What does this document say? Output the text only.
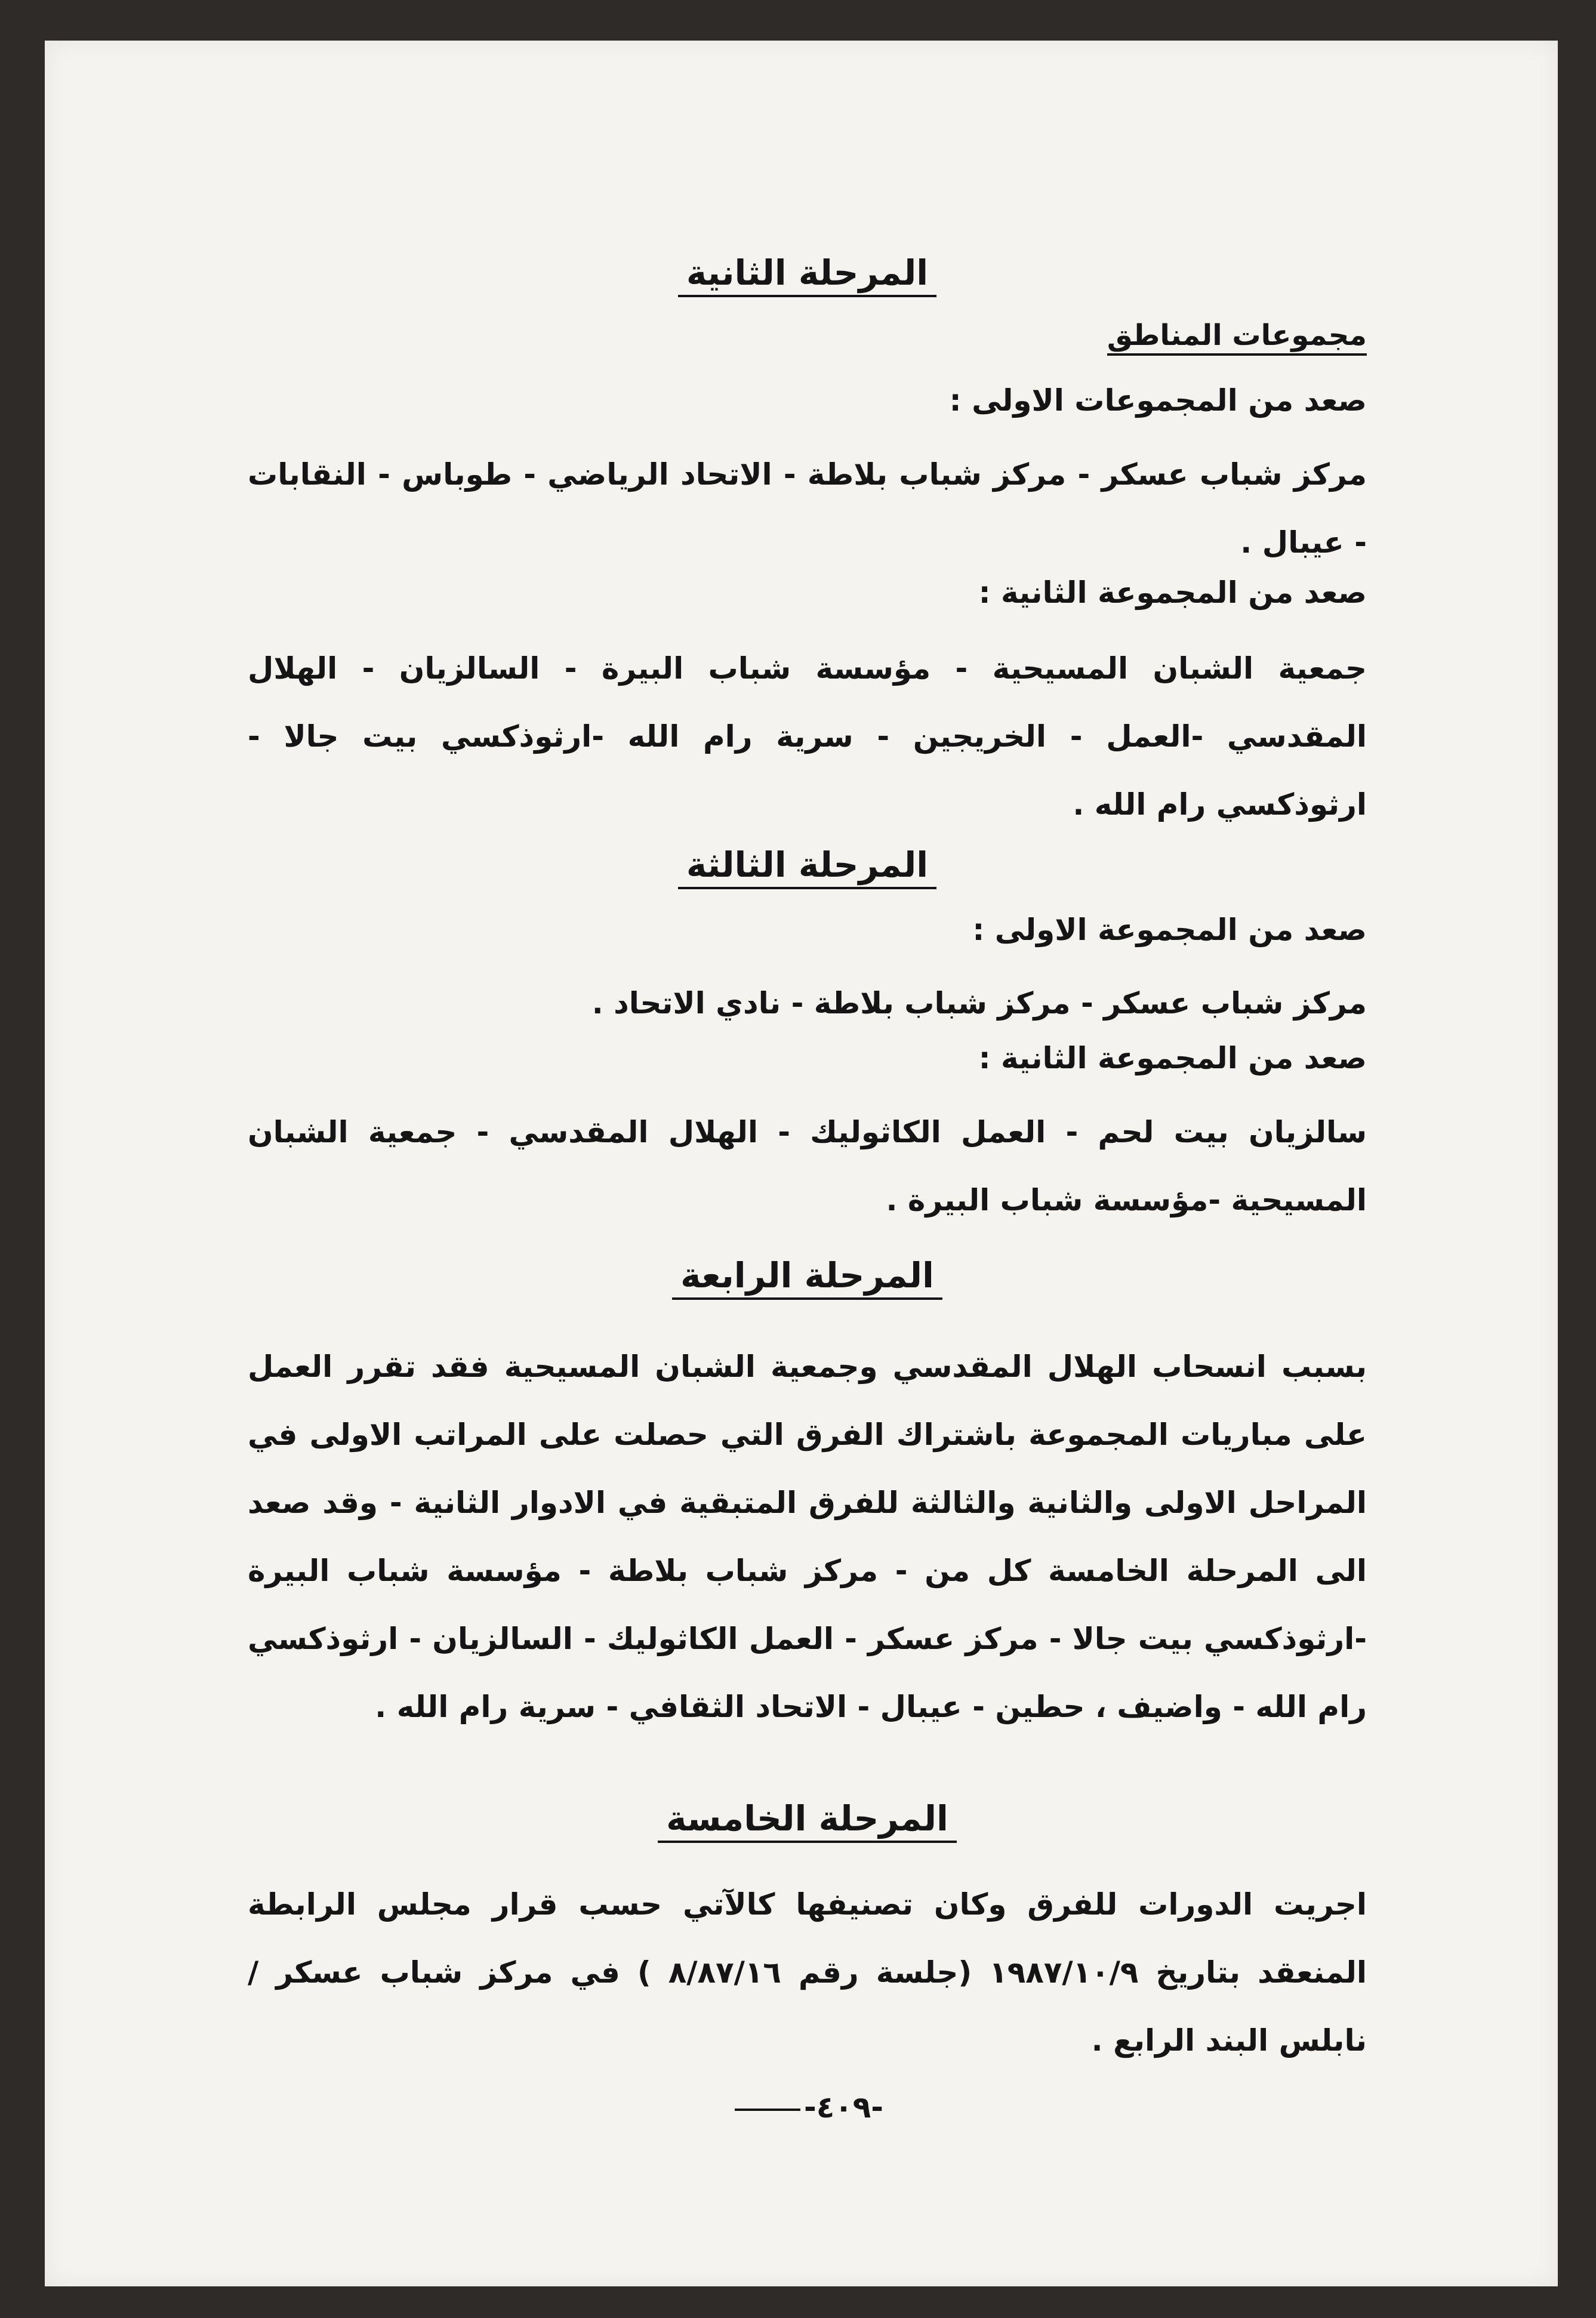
المرحلة الثانية
مجموعات المناطق
صعد من المجموعات الاولى :
مركز شباب عسكر - مركز شباب بلاطة - الاتحاد الرياضي - طوباس - النقابات - عيبال .
صعد من المجموعة الثانية :
جمعية الشبان المسيحية - مؤسسة شباب البيرة - السالزيان - الهلال المقدسي -العمل - الخريجين - سرية رام الله -ارثوذكسي بيت جالا - ارثوذكسي رام الله .
المرحلة الثالثة
صعد من المجموعة الاولى :
مركز شباب عسكر - مركز شباب بلاطة - نادي الاتحاد .
صعد من المجموعة الثانية :
سالزيان بيت لحم - العمل الكاثوليك - الهلال المقدسي - جمعية الشبان المسيحية -مؤسسة شباب البيرة .
المرحلة الرابعة
بسبب انسحاب الهلال المقدسي وجمعية الشبان المسيحية فقد تقرر العمل على مباريات المجموعة باشتراك الفرق التي حصلت على المراتب الاولى في المراحل الاولى والثانية والثالثة للفرق المتبقية في الادوار الثانية - وقد صعد الى المرحلة الخامسة كل من - مركز شباب بلاطة - مؤسسة شباب البيرة -ارثوذكسي بيت جالا - مركز عسكر - العمل الكاثوليك - السالزيان - ارثوذكسي رام الله - واضيف ، حطين - عيبال - الاتحاد الثقافي - سرية رام الله .
المرحلة الخامسة
اجريت الدورات للفرق وكان تصنيفها كالآتي حسب قرار مجلس الرابطة المنعقد بتاريخ ١٩٨٧/١٠/٩ (جلسة رقم ٨/٨٧/١٦ ) في مركز شباب عسكر / نابلس البند الرابع .
-٤٠٩-
